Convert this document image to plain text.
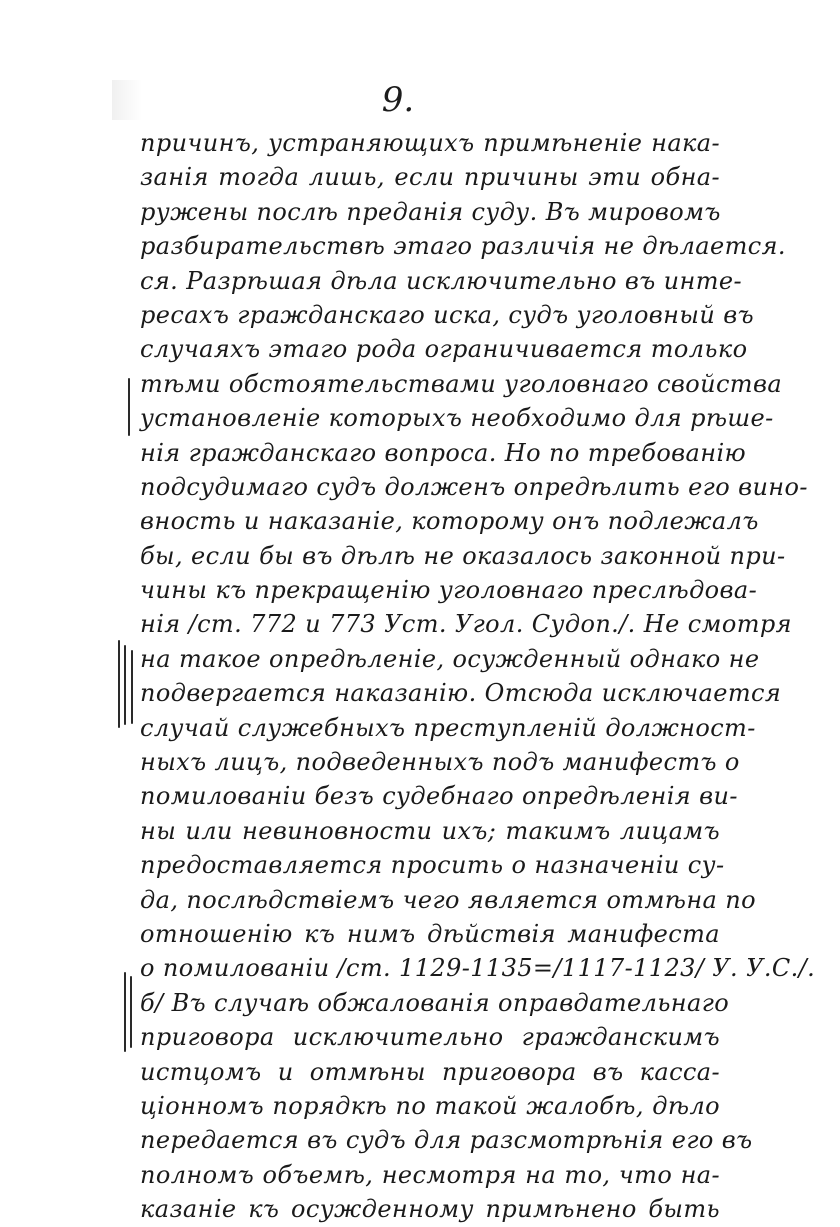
9.
причинъ, устраняющихъ примѣненіе нака-
занія тогда лишь, если причины эти обна-
ружены послѣ преданія суду. Въ мировомъ
разбирательствѣ этаго различія не дѣлается.
ся. Разрѣшая дѣла исключительно въ инте-
ресахъ гражданскаго иска, судъ уголовный въ
случаяхъ этаго рода ограничивается только
тѣми обстоятельствами уголовнаго свойства
установленіе которыхъ необходимо для рѣше-
нія гражданскаго вопроса. Но по требованію
подсудимаго судъ долженъ опредѣлить его вино-
вность и наказаніе, которому онъ подлежалъ
бы, если бы въ дѣлѣ не оказалось законной при-
чины къ прекращенію уголовнаго преслѣдова-
нія /ст. 772 и 773 Уст. Угол. Судоп./. Не смотря
на такое опредѣленіе, осужденный однако не
подвергается наказанію. Отсюда исключается
случай служебныхъ преступленій должност-
ныхъ лицъ, подведенныхъ подъ манифестъ о
помилованіи безъ судебнаго опредѣленія ви-
ны или невиновности ихъ; такимъ лицамъ
предоставляется просить о назначеніи су-
да, послѣдствіемъ чего является отмѣна по
отношенію къ нимъ дѣйствія манифеста
о помилованіи /ст. 1129-1135=/1117-1123/ У. У.С./.
б/ Въ случаѣ обжалованія оправдательнаго
приговора исключительно гражданскимъ
истцомъ и отмѣны приговора въ касса-
ціонномъ порядкѣ по такой жалобѣ, дѣло
передается въ судъ для разсмотрѣнія его въ
полномъ объемѣ, несмотря на то, что на-
казаніе къ осужденному примѣнено быть
